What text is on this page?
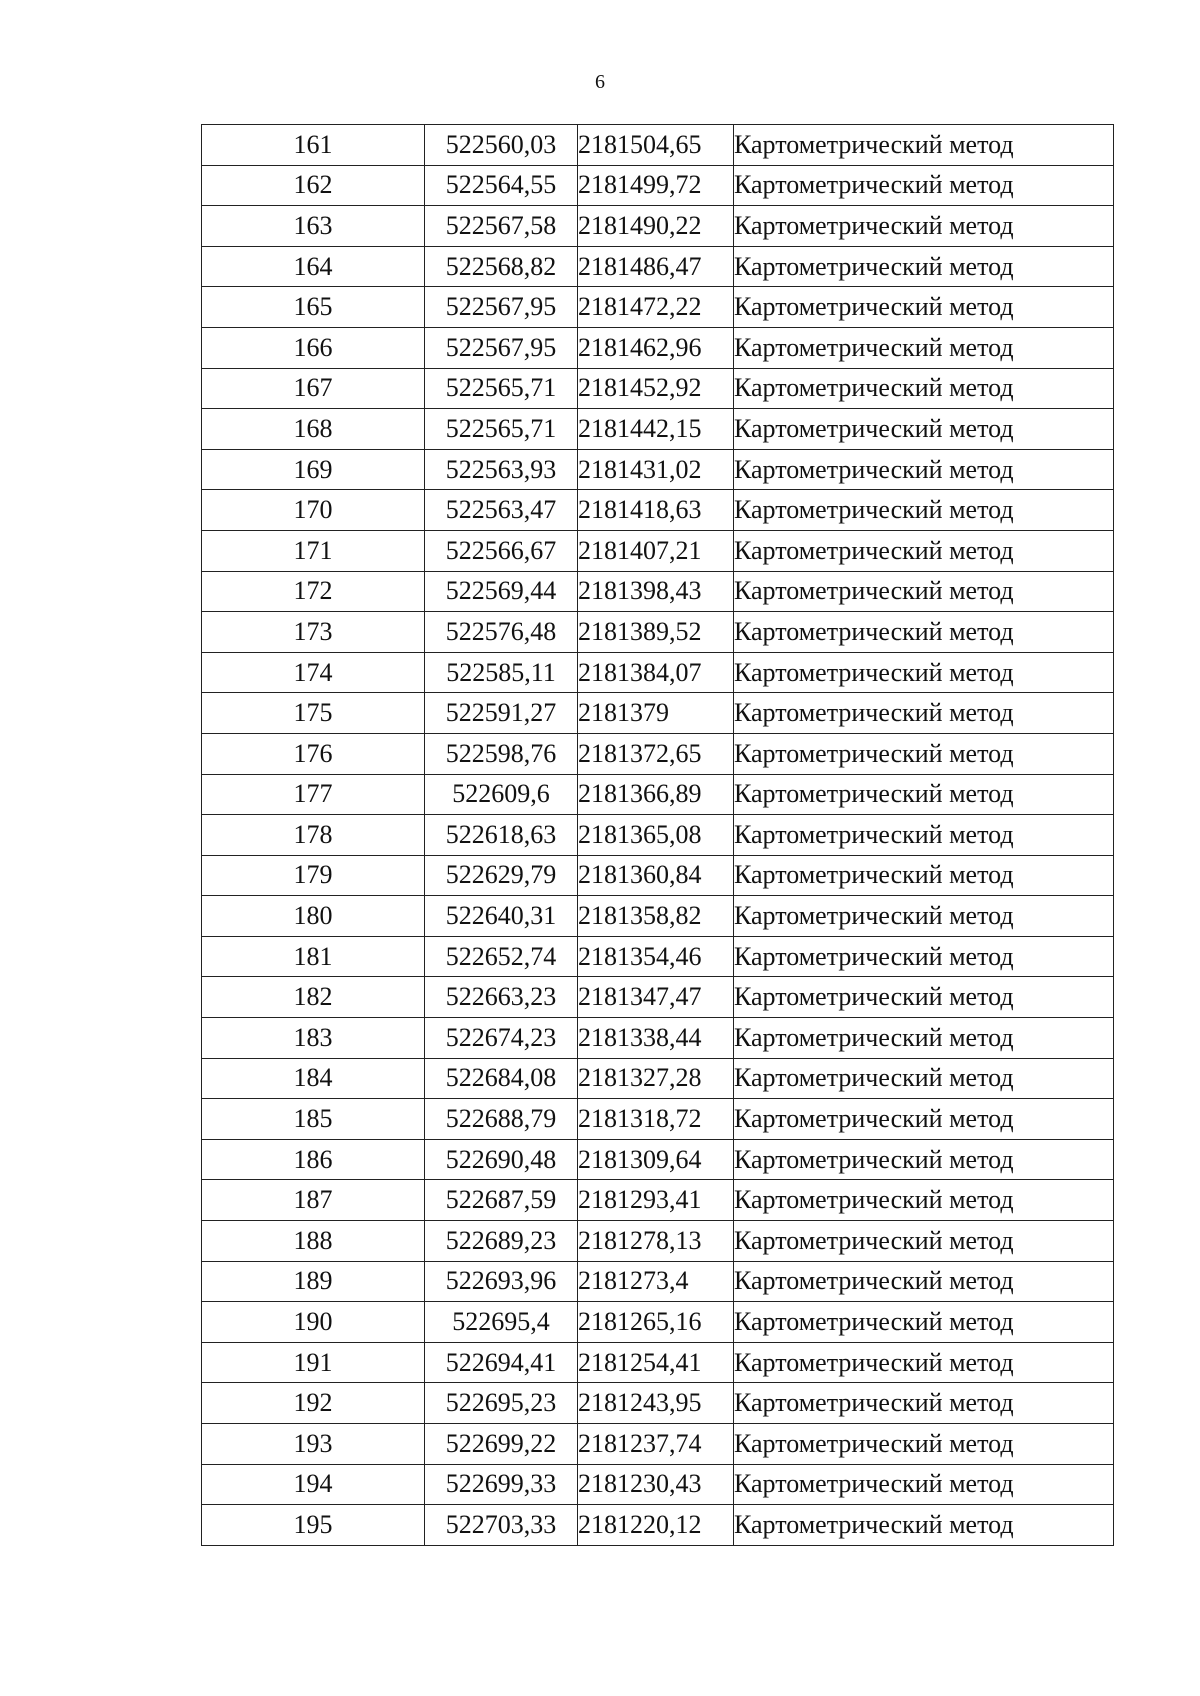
6
161	522560,03	2181504,65	Картометрический метод
162	522564,55	2181499,72	Картометрический метод
163	522567,58	2181490,22	Картометрический метод
164	522568,82	2181486,47	Картометрический метод
165	522567,95	2181472,22	Картометрический метод
166	522567,95	2181462,96	Картометрический метод
167	522565,71	2181452,92	Картометрический метод
168	522565,71	2181442,15	Картометрический метод
169	522563,93	2181431,02	Картометрический метод
170	522563,47	2181418,63	Картометрический метод
171	522566,67	2181407,21	Картометрический метод
172	522569,44	2181398,43	Картометрический метод
173	522576,48	2181389,52	Картометрический метод
174	522585,11	2181384,07	Картометрический метод
175	522591,27	2181379	Картометрический метод
176	522598,76	2181372,65	Картометрический метод
177	522609,6	2181366,89	Картометрический метод
178	522618,63	2181365,08	Картометрический метод
179	522629,79	2181360,84	Картометрический метод
180	522640,31	2181358,82	Картометрический метод
181	522652,74	2181354,46	Картометрический метод
182	522663,23	2181347,47	Картометрический метод
183	522674,23	2181338,44	Картометрический метод
184	522684,08	2181327,28	Картометрический метод
185	522688,79	2181318,72	Картометрический метод
186	522690,48	2181309,64	Картометрический метод
187	522687,59	2181293,41	Картометрический метод
188	522689,23	2181278,13	Картометрический метод
189	522693,96	2181273,4	Картометрический метод
190	522695,4	2181265,16	Картометрический метод
191	522694,41	2181254,41	Картометрический метод
192	522695,23	2181243,95	Картометрический метод
193	522699,22	2181237,74	Картометрический метод
194	522699,33	2181230,43	Картометрический метод
195	522703,33	2181220,12	Картометрический метод
